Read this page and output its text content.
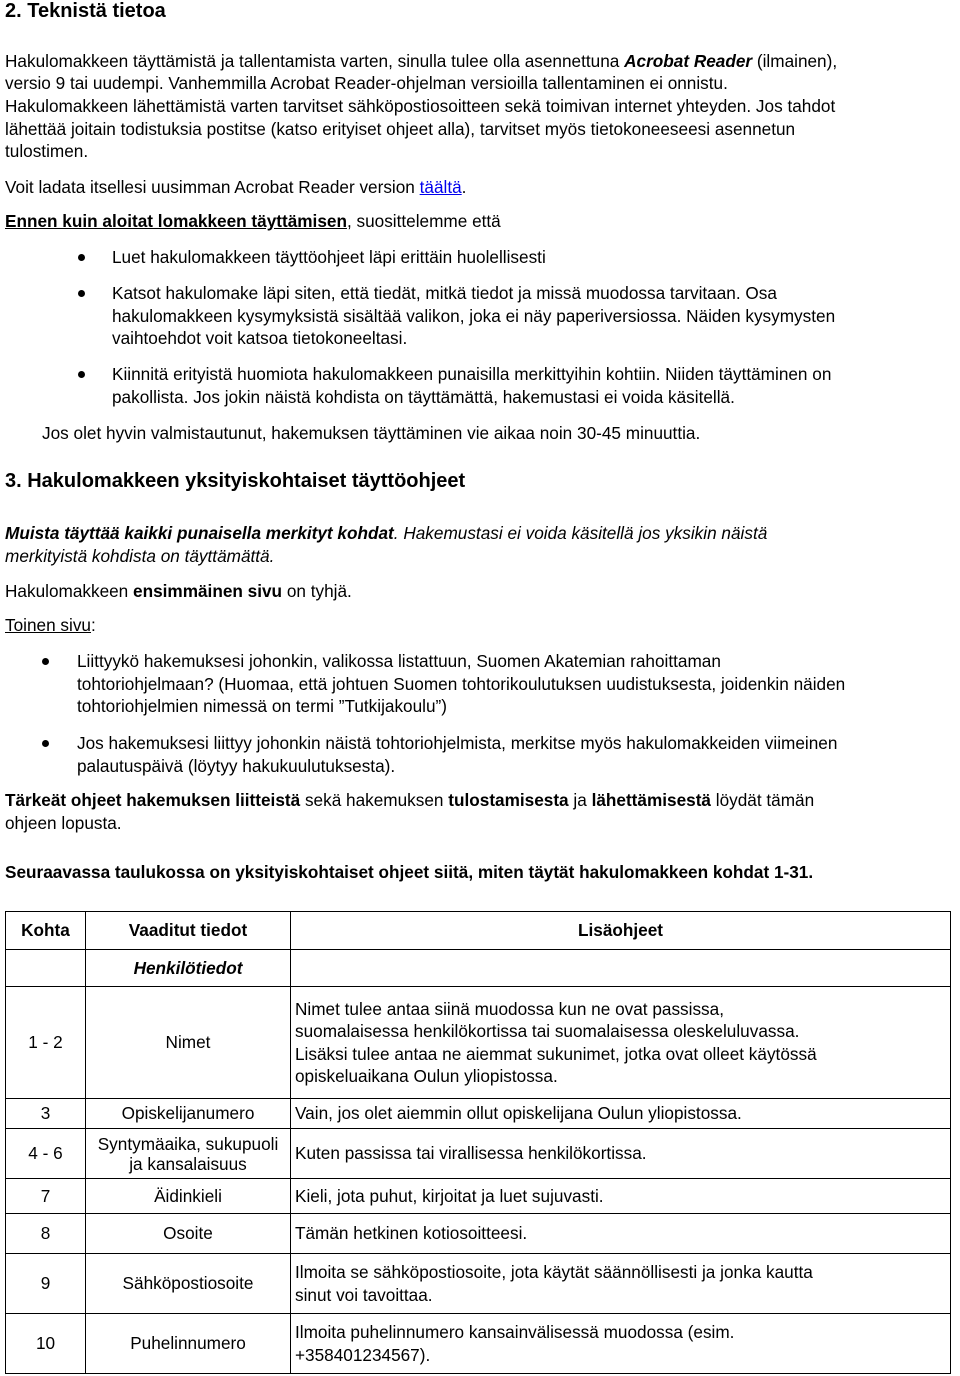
2. Teknistä tietoa
Hakulomakkeen täyttämistä ja tallentamista varten, sinulla tulee olla asennettuna Acrobat Reader (ilmainen),
versio 9 tai uudempi. Vanhemmilla Acrobat Reader-ohjelman versioilla tallentaminen ei onnistu.
Hakulomakkeen lähettämistä varten tarvitset sähköpostiosoitteen sekä toimivan internet yhteyden. Jos tahdot
lähettää joitain todistuksia postitse (katso erityiset ohjeet alla), tarvitset myös tietokoneeseesi asennetun
tulostimen.
Voit ladata itsellesi uusimman Acrobat Reader version täältä.
Ennen kuin aloitat lomakkeen täyttämisen, suosittelemme että
Luet hakulomakkeen täyttöohjeet läpi erittäin huolellisesti
Katsot hakulomake läpi siten, että tiedät, mitkä tiedot ja missä muodossa tarvitaan. Osa
hakulomakkeen kysymyksistä sisältää valikon, joka ei näy paperiversiossa. Näiden kysymysten
vaihtoehdot voit katsoa tietokoneeltasi.
Kiinnitä erityistä huomiota hakulomakkeen punaisilla merkittyihin kohtiin. Niiden täyttäminen on
pakollista. Jos jokin näistä kohdista on täyttämättä, hakemustasi ei voida käsitellä.
Jos olet hyvin valmistautunut, hakemuksen täyttäminen vie aikaa noin 30-45 minuuttia.
3. Hakulomakkeen yksityiskohtaiset täyttöohjeet
Muista täyttää kaikki punaisella merkityt kohdat. Hakemustasi ei voida käsitellä jos yksikin näistä
merkityistä kohdista on täyttämättä.
Hakulomakkeen ensimmäinen sivu on tyhjä.
Toinen sivu:
Liittyykö hakemuksesi johonkin, valikossa listattuun, Suomen Akatemian rahoittaman
tohtoriohjelmaan? (Huomaa, että johtuen Suomen tohtorikoulutuksen uudistuksesta, joidenkin näiden
tohtoriohjelmien nimessä on termi ”Tutkijakoulu”)
Jos hakemuksesi liittyy johonkin näistä tohtoriohjelmista, merkitse myös hakulomakkeiden viimeinen
palautuspäivä (löytyy hakukuulutuksesta).
Tärkeät ohjeet hakemuksen liitteistä sekä hakemuksen tulostamisesta ja lähettämisestä löydät tämän
ohjeen lopusta.
Seuraavassa taulukossa on yksityiskohtaiset ohjeet siitä, miten täytät hakulomakkeen kohdat 1-31.
Kohta	Vaaditut tiedot	Lisäohjeet
	Henkilötiedot	
1 - 2	Nimet	Nimet tulee antaa siinä muodossa kun ne ovat passissa,
suomalaisessa henkilökortissa tai suomalaisessa oleskeluluvassa.
Lisäksi tulee antaa ne aiemmat sukunimet, jotka ovat olleet käytössä
opiskeluaikana Oulun yliopistossa.

3	Opiskelijanumero	Vain, jos olet aiemmin ollut opiskelijana Oulun yliopistossa.

4 - 6	Syntymäaika, sukupuoli ja kansalaisuus	Kuten passissa tai virallisessa henkilökortissa.

7	Äidinkieli	Kieli, jota puhut, kirjoitat ja luet sujuvasti.

8	Osoite	Tämän hetkinen kotiosoitteesi.

9	Sähköpostiosoite	Ilmoita se sähköpostiosoite, jota käytät säännöllisesti ja jonka kautta
sinut voi tavoittaa.

10	Puhelinnumero	Ilmoita puhelinnumero kansainvälisessä muodossa (esim.
+358401234567).
